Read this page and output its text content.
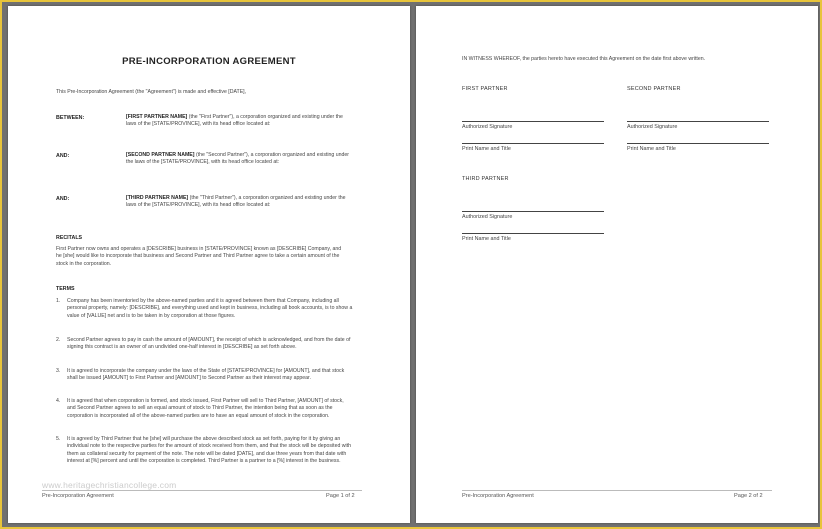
PRE-INCORPORATION AGREEMENT
This Pre-Incorporation Agreement (the "Agreement") is made and effective [DATE],
BETWEEN:	[FIRST PARTNER NAME] (the "First Partner"), a corporation organized and existing under the laws of the [STATE/PROVINCE], with its head office located at:
AND:	[SECOND PARTNER NAME] (the "Second Partner"), a corporation organized and existing under the laws of the [STATE/PROVINCE], with its head office located at:
AND:	[THIRD PARTNER NAME] (the "Third Partner"), a corporation organized and existing under the laws of the [STATE/PROVINCE], with its head office located at:
RECITALS
First Partner now owns and operates a [DESCRIBE] business in [STATE/PROVINCE] known as [DESCRIBE] Company, and he [she] would like to incorporate that business and Second Partner and Third Partner agree to take a certain amount of the stock in the corporation.
TERMS
1. Company has been inventoried by the above-named parties and it is agreed between them that Company, including all personal property, namely: [DESCRIBE], and everything used and kept in business, including all book accounts, is to show a value of [VALUE] net and is to be taken in by corporation at those figures.
2. Second Partner agrees to pay in cash the amount of [AMOUNT], the receipt of which is acknowledged, and from the date of signing this contract is an owner of an undivided one-half interest in [DESCRIBE] as set forth above.
3. It is agreed to incorporate the company under the laws of the State of [STATE/PROVINCE] for [AMOUNT], and that stock shall be issued [AMOUNT] to First Partner and [AMOUNT] to Second Partner as their interest may appear.
4. It is agreed that when corporation is formed, and stock issued, First Partner will sell to Third Partner, [AMOUNT] of stock, and Second Partner agrees to sell an equal amount of stock to Third Partner, the intention being that as soon as the corporation is incorporated all of the above-named parties are to have an equal amount of stock in the corporation.
5. It is agreed by Third Partner that he [she] will purchase the above described stock as set forth, paying for it by giving an individual note to the respective parties for the amount of stock received from them, and that the stock will be deposited with them as collateral security for payment of the note. The note will be dated [DATE], and due three years from that date with interest at [%] percent and until the corporation is completed. Third Partner is a partner to a [%] interest in the business.
www.heritagechristiancollege.com
Pre-Incorporation Agreement	Page 1 of 2
IN WITNESS WHEREOF, the parties hereto have executed this Agreement on the date first above written.
FIRST PARTNER
Authorized Signature
Print Name and Title
SECOND PARTNER
Authorized Signature
Print Name and Title
THIRD PARTNER
Authorized Signature
Print Name and Title
Pre-Incorporation Agreement	Page 2 of 2
